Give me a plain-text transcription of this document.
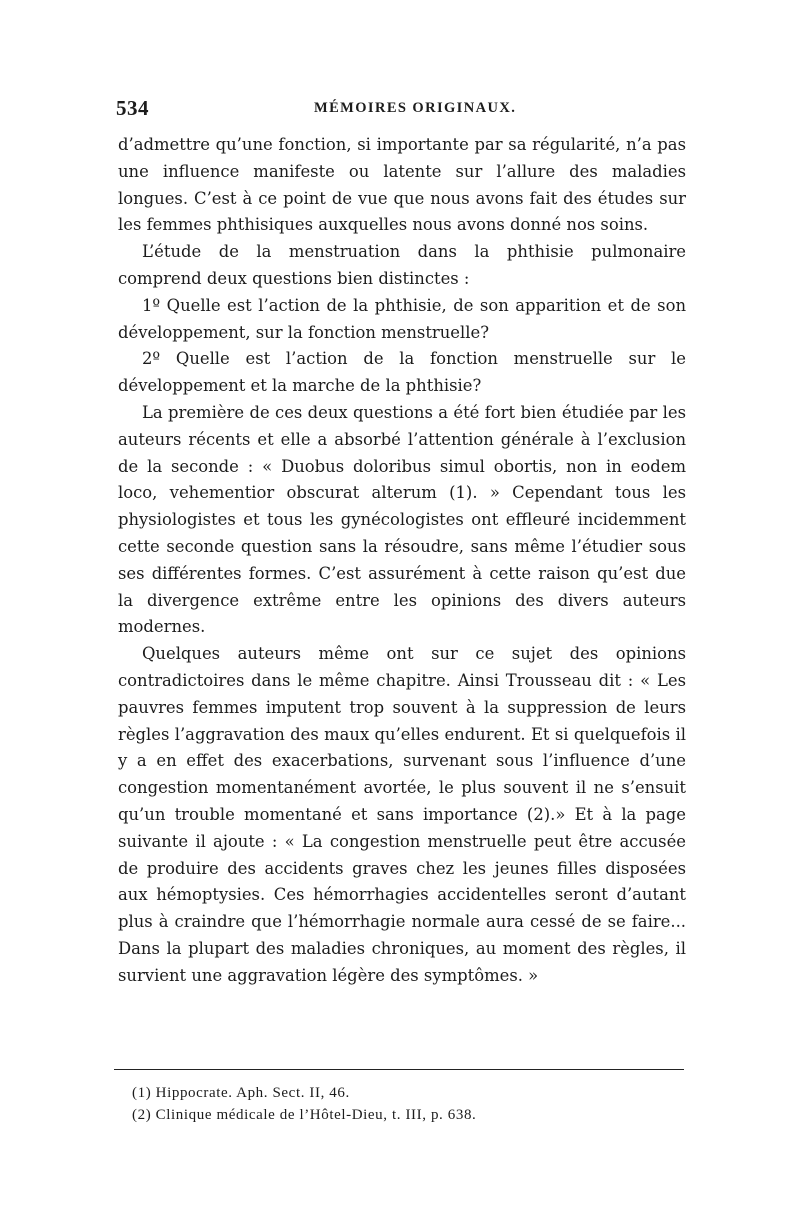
534	MÉMOIRES ORIGINAUX.

d’admettre qu’une fonction, si importante par sa régularité, n’a pas une influence manifeste ou latente sur l’allure des maladies longues. C’est à ce point de vue que nous avons fait des études sur les femmes phthisiques auxquelles nous avons donné nos soins.

L’étude de la menstruation dans la phthisie pulmonaire comprend deux questions bien distinctes :

1º Quelle est l’action de la phthisie, de son apparition et de son développement, sur la fonction menstruelle?

2º Quelle est l’action de la fonction menstruelle sur le développement et la marche de la phthisie?

La première de ces deux questions a été fort bien étudiée par les auteurs récents et elle a absorbé l’attention générale à l’exclusion de la seconde : « Duobus doloribus simul obortis, non in eodem loco, vehementior obscurat alterum (1). » Cependant tous les physiologistes et tous les gynécologistes ont effleuré incidemment cette seconde question sans la résoudre, sans même l’étudier sous ses différentes formes. C’est assurément à cette raison qu’est due la divergence extrême entre les opinions des divers auteurs modernes.

Quelques auteurs même ont sur ce sujet des opinions contradictoires dans le même chapitre. Ainsi Trousseau dit : « Les pauvres femmes imputent trop souvent à la suppression de leurs règles l’aggravation des maux qu’elles endurent. Et si quelquefois il y a en effet des exacerbations, survenant sous l’influence d’une congestion momentanément avortée, le plus souvent il ne s’ensuit qu’un trouble momentané et sans importance (2).» Et à la page suivante il ajoute : « La congestion menstruelle peut être accusée de produire des accidents graves chez les jeunes filles disposées aux hémoptysies. Ces hémorrhagies accidentelles seront d’autant plus à craindre que l’hémorrhagie normale aura cessé de se faire... Dans la plupart des maladies chroniques, au moment des règles, il survient une aggravation légère des symptômes. »

(1) Hippocrate. Aph. Sect. II, 46.
(2) Clinique médicale de l’Hôtel-Dieu, t. III, p. 638.
